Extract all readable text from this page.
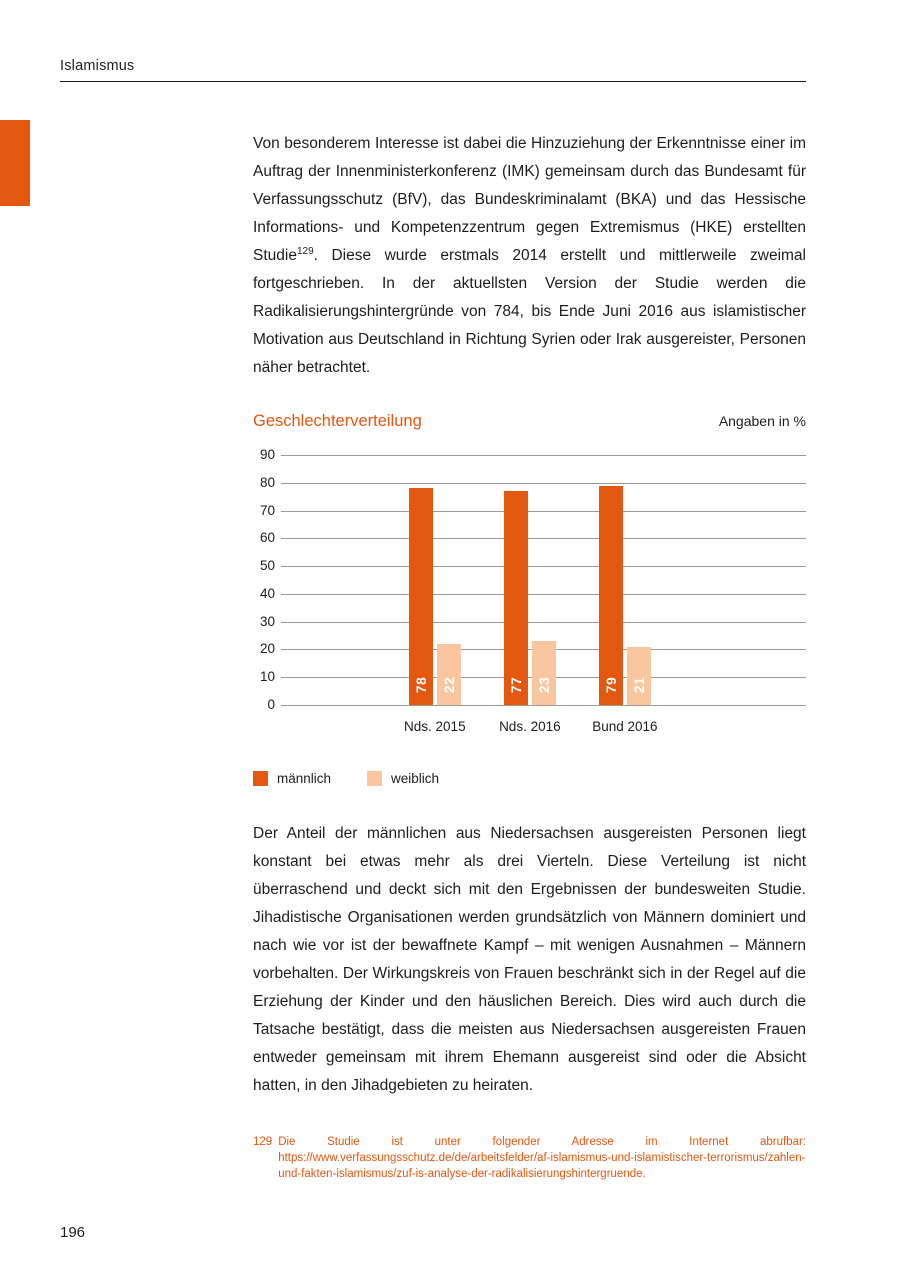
Islamismus

Von besonderem Interesse ist dabei die Hinzuziehung der Erkenntnisse einer im Auftrag der Innenministerkonferenz (IMK) gemeinsam durch das Bundesamt für Verfassungsschutz (BfV), das Bundeskriminalamt (BKA) und das Hessische Informations- und Kompetenzzentrum gegen Extremismus (HKE) erstellten Studie$^{129}$. Diese wurde erstmals 2014 erstellt und mittlerweile zweimal fortgeschrieben. In der aktuellsten Version der Studie werden die Radikalisierungshintergründe von 784, bis Ende Juni 2016 aus islamistischer Motivation aus Deutschland in Richtung Syrien oder Irak ausgereister, Personen näher betrachtet.

Geschlechterverteilung	Angaben in %
90
80
70
60
50
40
30
20
10
0
78 22
Nds. 2015
77 23
Nds. 2016
79 21
Bund 2016
männlich	weiblich

Der Anteil der männlichen aus Niedersachsen ausgereisten Personen liegt konstant bei etwas mehr als drei Vierteln. Diese Verteilung ist nicht überraschend und deckt sich mit den Ergebnissen der bundesweiten Studie. Jihadistische Organisationen werden grundsätzlich von Männern dominiert und nach wie vor ist der bewaffnete Kampf – mit wenigen Ausnahmen – Männern vorbehalten. Der Wirkungskreis von Frauen beschränkt sich in der Regel auf die Erziehung der Kinder und den häuslichen Bereich. Dies wird auch durch die Tatsache bestätigt, dass die meisten aus Niedersachsen ausgereisten Frauen entweder gemeinsam mit ihrem Ehemann ausgereist sind oder die Absicht hatten, in den Jihadgebieten zu heiraten.

129 Die Studie ist unter folgender Adresse im Internet abrufbar: https://www.verfassungsschutz.de/de/arbeitsfelder/af-islamismus-und-islamistischer-terrorismus/zahlen-und-fakten-islamismus/zuf-is-analyse-der-radikalisierungshintergruende.
196
